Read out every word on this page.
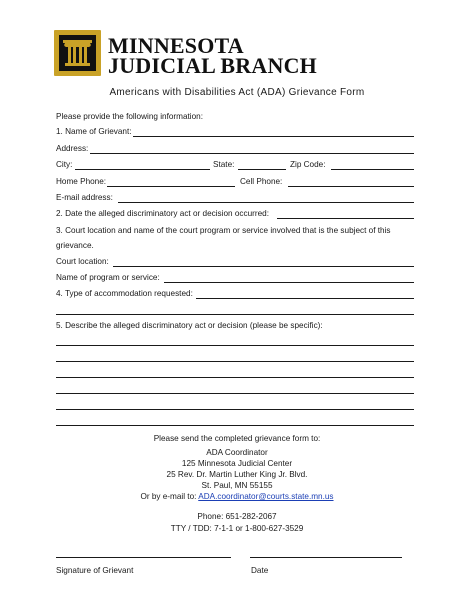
MINNESOTA
JUDICIAL BRANCH
Americans with Disabilities Act (ADA) Grievance Form
Please provide the following information:
1. Name of Grievant:
Address:
City:	State:	Zip Code:
Home Phone:	Cell Phone:
E-mail address:
2. Date the alleged discriminatory act or decision occurred:
3. Court location and name of the court program or service involved that is the subject of this
grievance.
Court location:
Name of program or service:
4. Type of accommodation requested:
5. Describe the alleged discriminatory act or decision (please be specific):
Please send the completed grievance form to:
ADA Coordinator
125 Minnesota Judicial Center
25 Rev. Dr. Martin Luther King Jr. Blvd.
St. Paul, MN 55155
Or by e-mail to: ADA.coordinator@courts.state.mn.us
Phone: 651-282-2067
TTY / TDD: 7-1-1 or 1-800-627-3529
Signature of Grievant	Date
